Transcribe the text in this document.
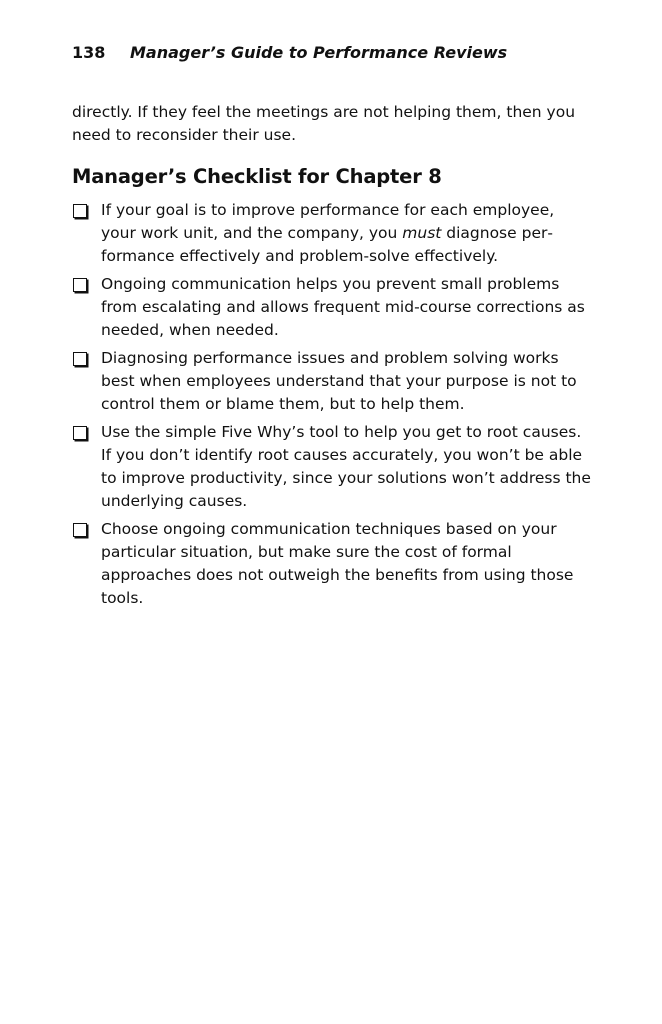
138 Manager’s Guide to Performance Reviews

directly. If they feel the meetings are not helping them, then you need to reconsider their use.

Manager’s Checklist for Chapter 8
If your goal is to improve performance for each employee, your work unit, and the company, you must diagnose performance effectively and problem-solve effectively.
Ongoing communication helps you prevent small problems from escalating and allows frequent mid-course corrections as needed, when needed.
Diagnosing performance issues and problem solving works best when employees understand that your purpose is not to control them or blame them, but to help them.
Use the simple Five Why’s tool to help you get to root causes. If you don’t identify root causes accurately, you won’t be able to improve productivity, since your solutions won’t address the underlying causes.
Choose ongoing communication techniques based on your particular situation, but make sure the cost of formal approaches does not outweigh the benefits from using those tools.
